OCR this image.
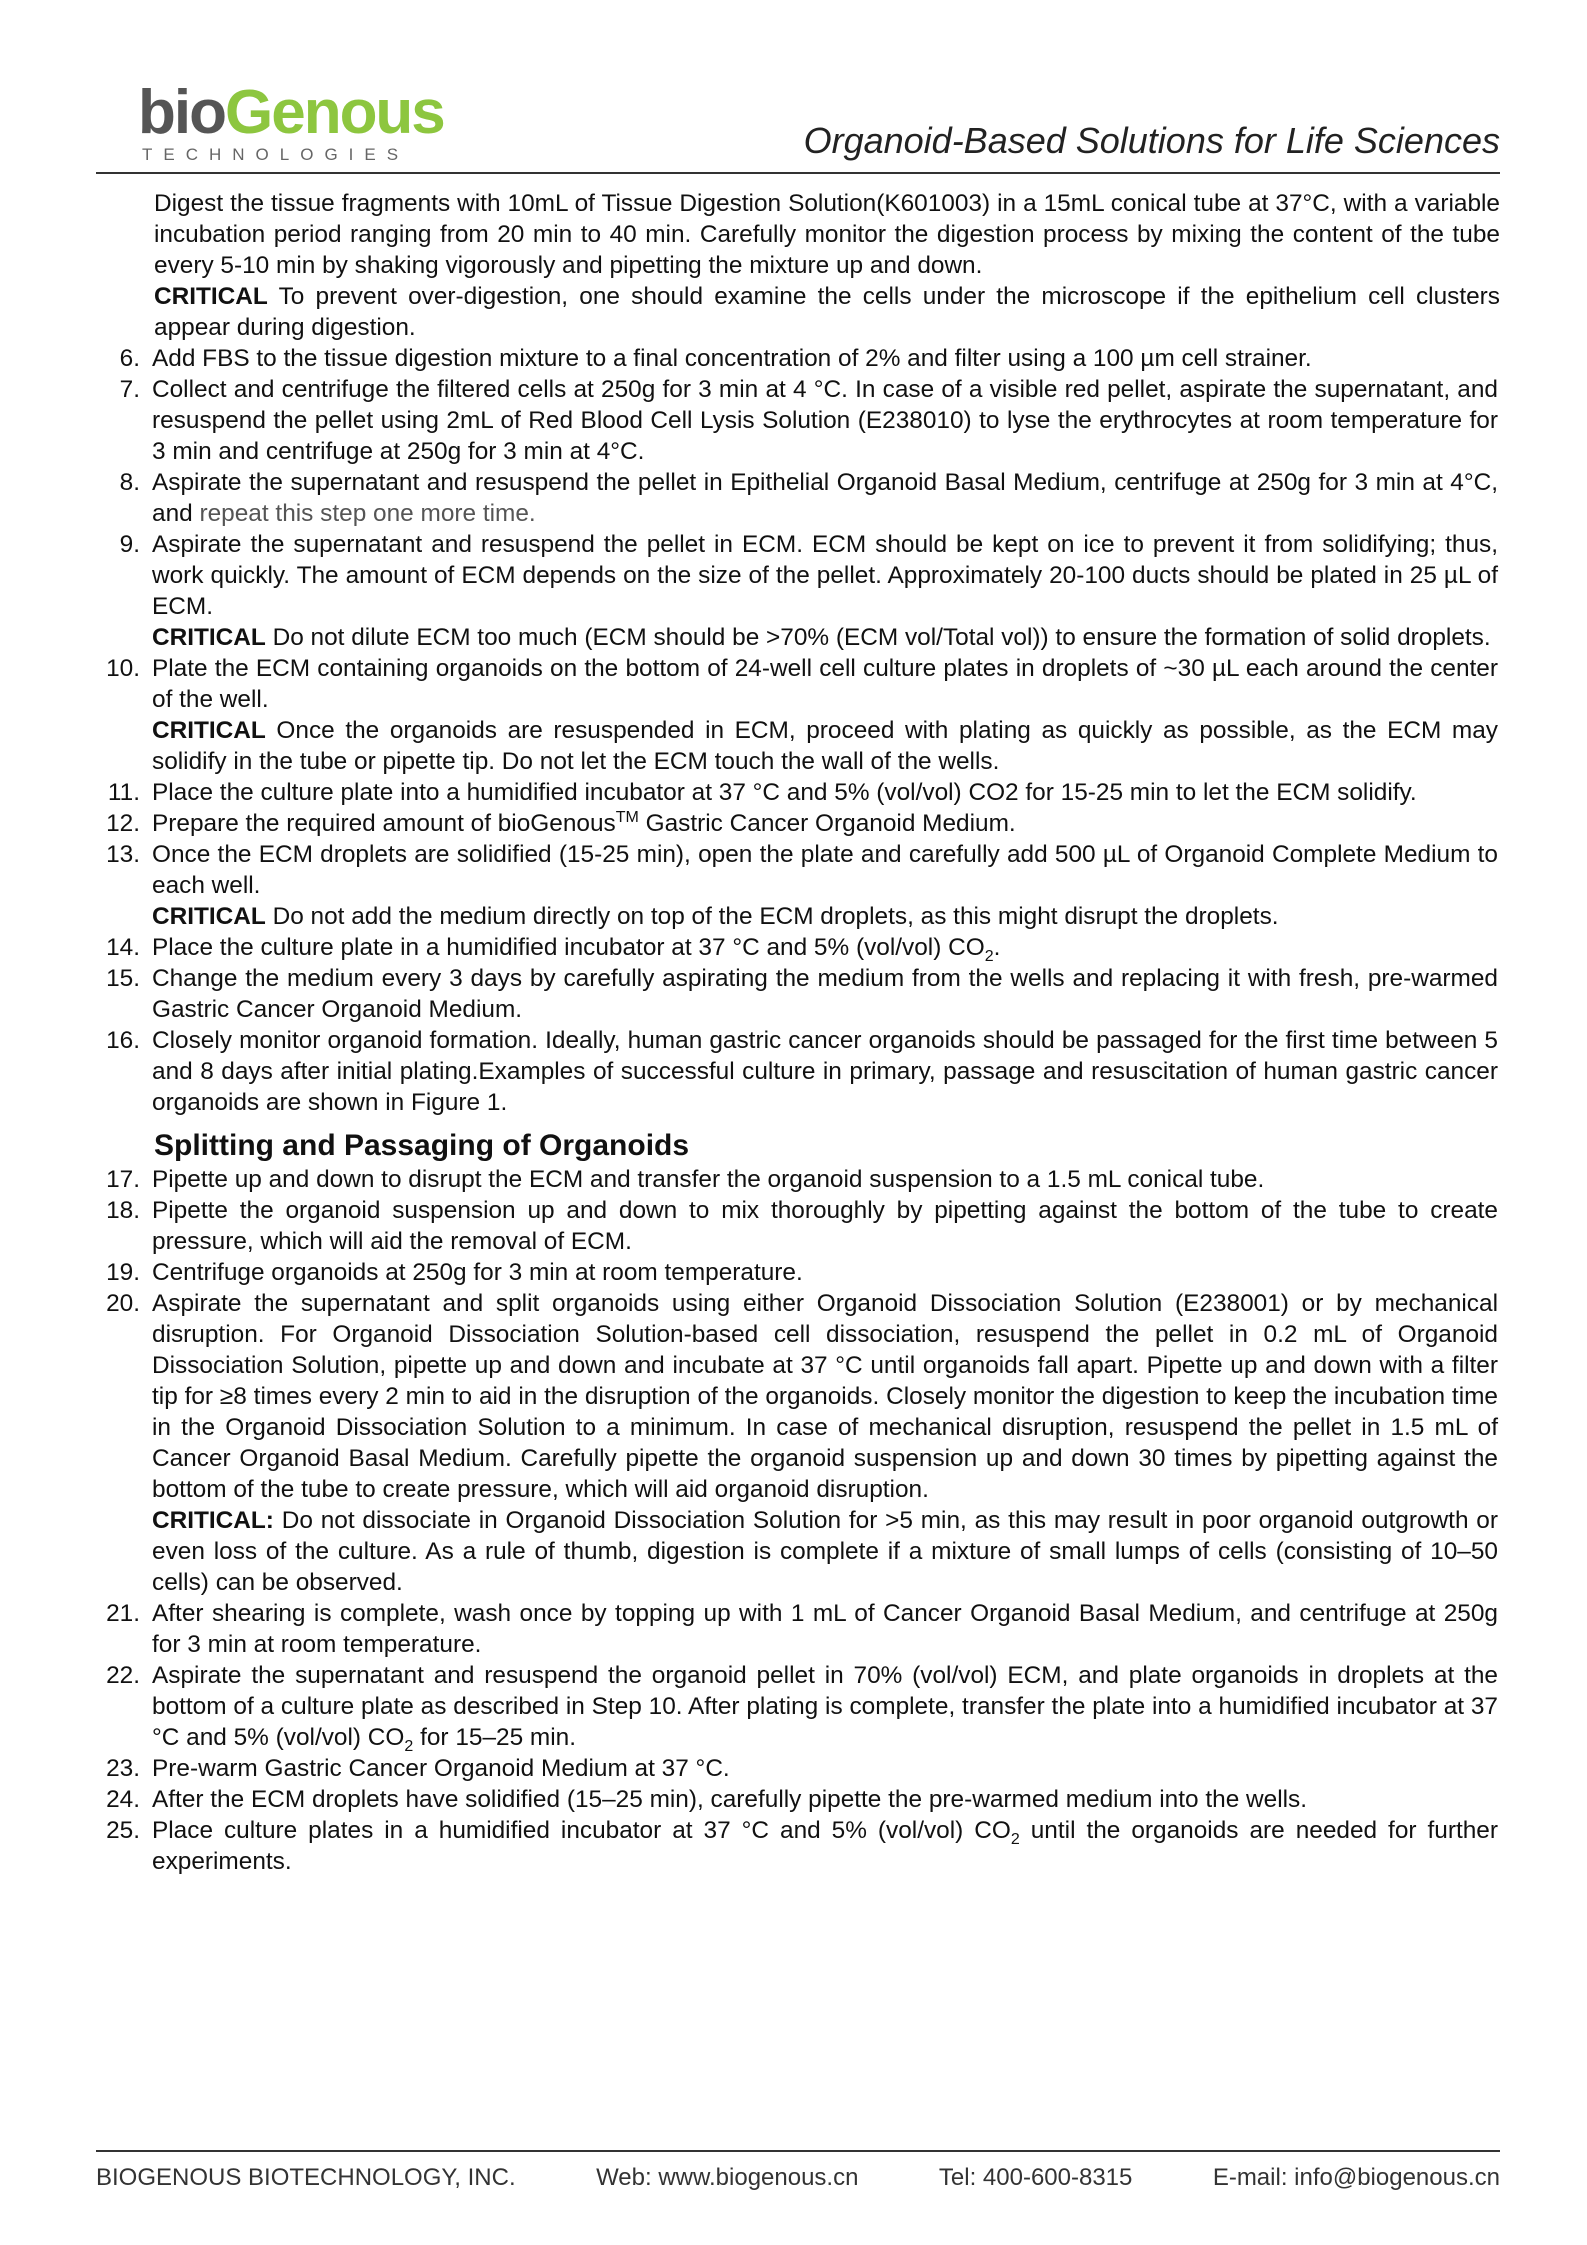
bioGenous
TECHNOLOGIES	Organoid-Based Solutions for Life Sciences

Digest the tissue fragments with 10mL of Tissue Digestion Solution(K601003) in a 15mL conical tube at 37°C, with a variable incubation period ranging from 20 min to 40 min. Carefully monitor the digestion process by mixing the content of the tube every 5-10 min by shaking vigorously and pipetting the mixture up and down.

CRITICAL To prevent over-digestion, one should examine the cells under the microscope if the epithelium cell clusters appear during digestion.

6. Add FBS to the tissue digestion mixture to a final concentration of 2% and filter using a 100 µm cell strainer.
7. Collect and centrifuge the filtered cells at 250g for 3 min at 4 °C. In case of a visible red pellet, aspirate the supernatant, and resuspend the pellet using 2mL of Red Blood Cell Lysis Solution (E238010) to lyse the erythrocytes at room temperature for 3 min and centrifuge at 250g for 3 min at 4°C.
8. Aspirate the supernatant and resuspend the pellet in Epithelial Organoid Basal Medium, centrifuge at 250g for 3 min at 4°C, and repeat this step one more time.
9. Aspirate the supernatant and resuspend the pellet in ECM. ECM should be kept on ice to prevent it from solidifying; thus, work quickly. The amount of ECM depends on the size of the pellet. Approximately 20-100 ducts should be plated in 25 µL of ECM.
CRITICAL Do not dilute ECM too much (ECM should be >70% (ECM vol/Total vol)) to ensure the formation of solid droplets.
10. Plate the ECM containing organoids on the bottom of 24-well cell culture plates in droplets of ~30 µL each around the center of the well.
CRITICAL Once the organoids are resuspended in ECM, proceed with plating as quickly as possible, as the ECM may solidify in the tube or pipette tip. Do not let the ECM touch the wall of the wells.
11. Place the culture plate into a humidified incubator at 37 °C and 5% (vol/vol) CO2 for 15-25 min to let the ECM solidify.
12. Prepare the required amount of bioGenous™ Gastric Cancer Organoid Medium.
13. Once the ECM droplets are solidified (15-25 min), open the plate and carefully add 500 µL of Organoid Complete Medium to each well.
CRITICAL Do not add the medium directly on top of the ECM droplets, as this might disrupt the droplets.
14. Place the culture plate in a humidified incubator at 37 °C and 5% (vol/vol) $CO_2$.
15. Change the medium every 3 days by carefully aspirating the medium from the wells and replacing it with fresh, pre-warmed Gastric Cancer Organoid Medium.
16. Closely monitor organoid formation. Ideally, human gastric cancer organoids should be passaged for the first time between 5 and 8 days after initial plating.Examples of successful culture in primary, passage and resuscitation of human gastric cancer organoids are shown in Figure 1.
Splitting and Passaging of Organoids
17. Pipette up and down to disrupt the ECM and transfer the organoid suspension to a 1.5 mL conical tube.
18. Pipette the organoid suspension up and down to mix thoroughly by pipetting against the bottom of the tube to create pressure, which will aid the removal of ECM.
19. Centrifuge organoids at 250g for 3 min at room temperature.
20. Aspirate the supernatant and split organoids using either Organoid Dissociation Solution (E238001) or by mechanical disruption. For Organoid Dissociation Solution-based cell dissociation, resuspend the pellet in 0.2 mL of Organoid Dissociation Solution, pipette up and down and incubate at 37 °C until organoids fall apart. Pipette up and down with a filter tip for ≥8 times every 2 min to aid in the disruption of the organoids. Closely monitor the digestion to keep the incubation time in the Organoid Dissociation Solution to a minimum. In case of mechanical disruption, resuspend the pellet in 1.5 mL of Cancer Organoid Basal Medium. Carefully pipette the organoid suspension up and down 30 times by pipetting against the bottom of the tube to create pressure, which will aid organoid disruption.
CRITICAL: Do not dissociate in Organoid Dissociation Solution for >5 min, as this may result in poor organoid outgrowth or even loss of the culture. As a rule of thumb, digestion is complete if a mixture of small lumps of cells (consisting of 10–50 cells) can be observed.
21. After shearing is complete, wash once by topping up with 1 mL of Cancer Organoid Basal Medium, and centrifuge at 250g for 3 min at room temperature.
22. Aspirate the supernatant and resuspend the organoid pellet in 70% (vol/vol) ECM, and plate organoids in droplets at the bottom of a culture plate as described in Step 10. After plating is complete, transfer the plate into a humidified incubator at 37 °C and 5% (vol/vol) $CO_2$ for 15–25 min.
23. Pre-warm Gastric Cancer Organoid Medium at 37 °C.
24. After the ECM droplets have solidified (15–25 min), carefully pipette the pre-warmed medium into the wells.
25. Place culture plates in a humidified incubator at 37 °C and 5% (vol/vol) $CO_2$ until the organoids are needed for further experiments.
BIOGENOUS BIOTECHNOLOGY, INC.	Web: www.biogenous.cn	Tel: 400-600-8315	E-mail: info@biogenous.cn
